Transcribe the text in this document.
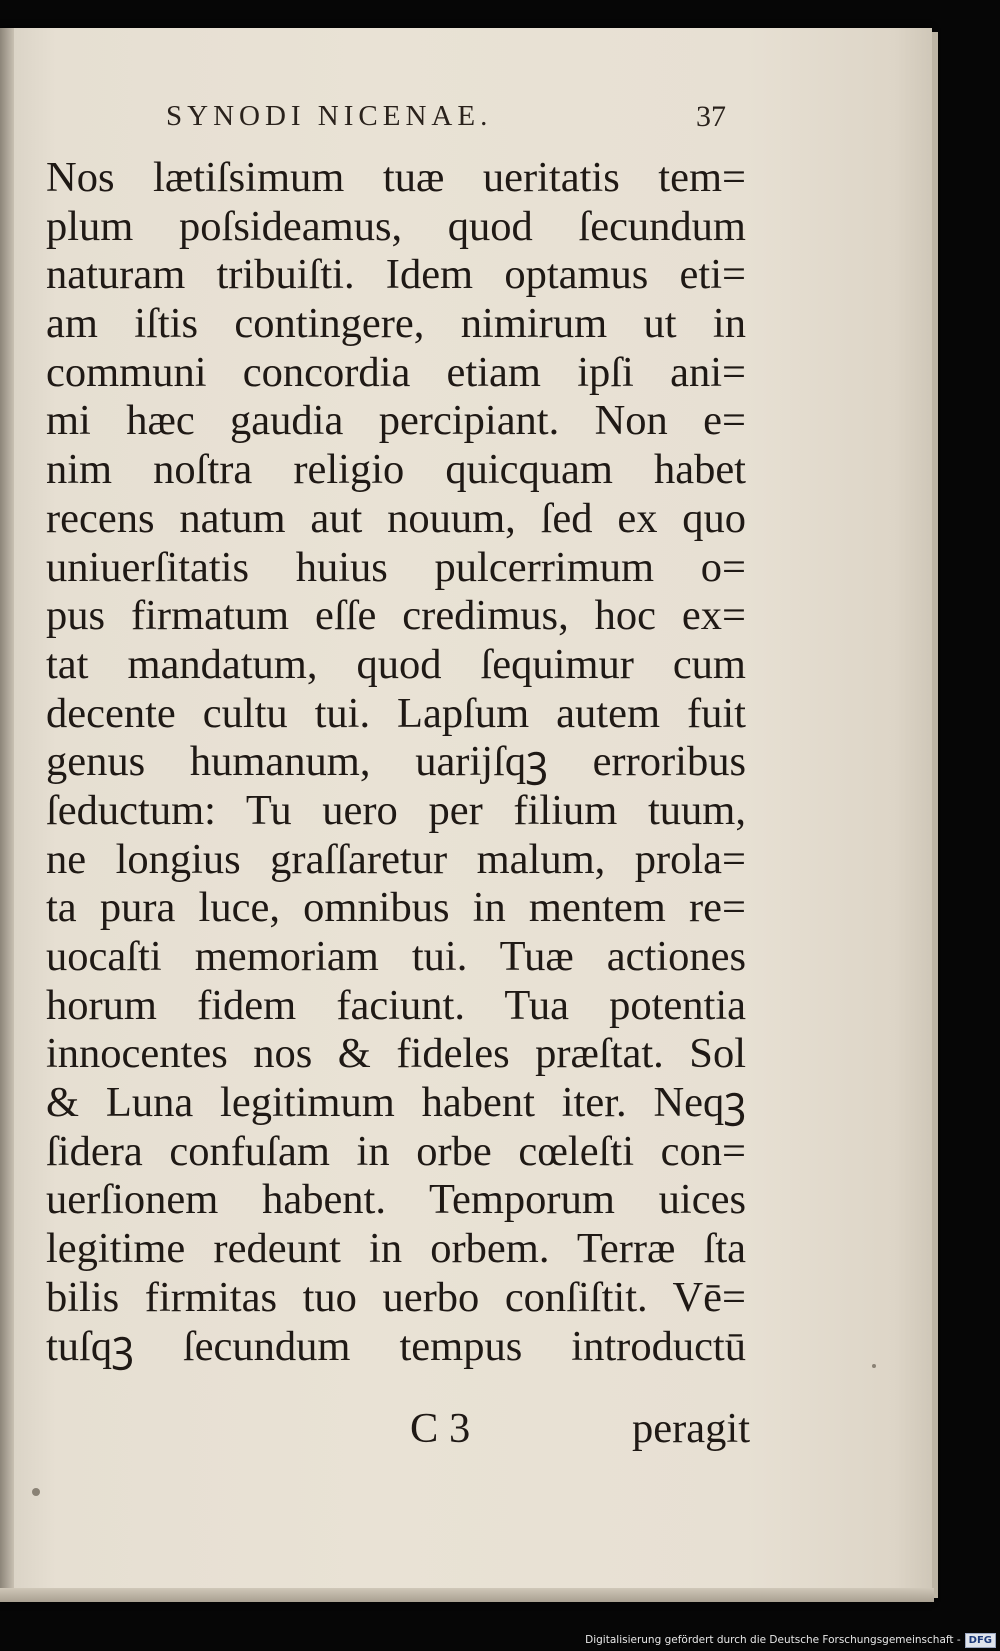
SYNODI NICENAE.	37
Nos lætiſsimum tuæ ueritatis tem=
plum poſsideamus, quod ſecundum
naturam tribuiſti. Idem optamus eti=
am iſtis contingere, nimirum ut in
communi concordia etiam ipſi ani=
mi hæc gaudia percipiant. Non e=
nim noſtra religio quicquam habet
recens natum aut nouum, ſed ex quo
uniuerſitatis huius pulcerrimum o=
pus firmatum eſſe credimus, hoc ex=
tat mandatum, quod ſequimur cum
decente cultu tui. Lapſum autem fuit
genus humanum, uarijſqꝫ erroribus
ſeductum: Tu uero per filium tuum,
ne longius graſſaretur malum, prola=
ta pura luce, omnibus in mentem re=
uocaſti memoriam tui. Tuæ actiones
horum fidem faciunt. Tua potentia
innocentes nos & fideles præſtat. Sol
& Luna legitimum habent iter. Neqꝫ
ſidera confuſam in orbe cœleſti con=
uerſionem habent. Temporum uices
legitime redeunt in orbem. Terræ ſta
bilis firmitas tuo uerbo conſiſtit. Vē=
tuſqꝫ ſecundum tempus introductū
C 3	peragit
Digitalisierung gefördert durch die Deutsche Forschungsgemeinschaft - DFG
